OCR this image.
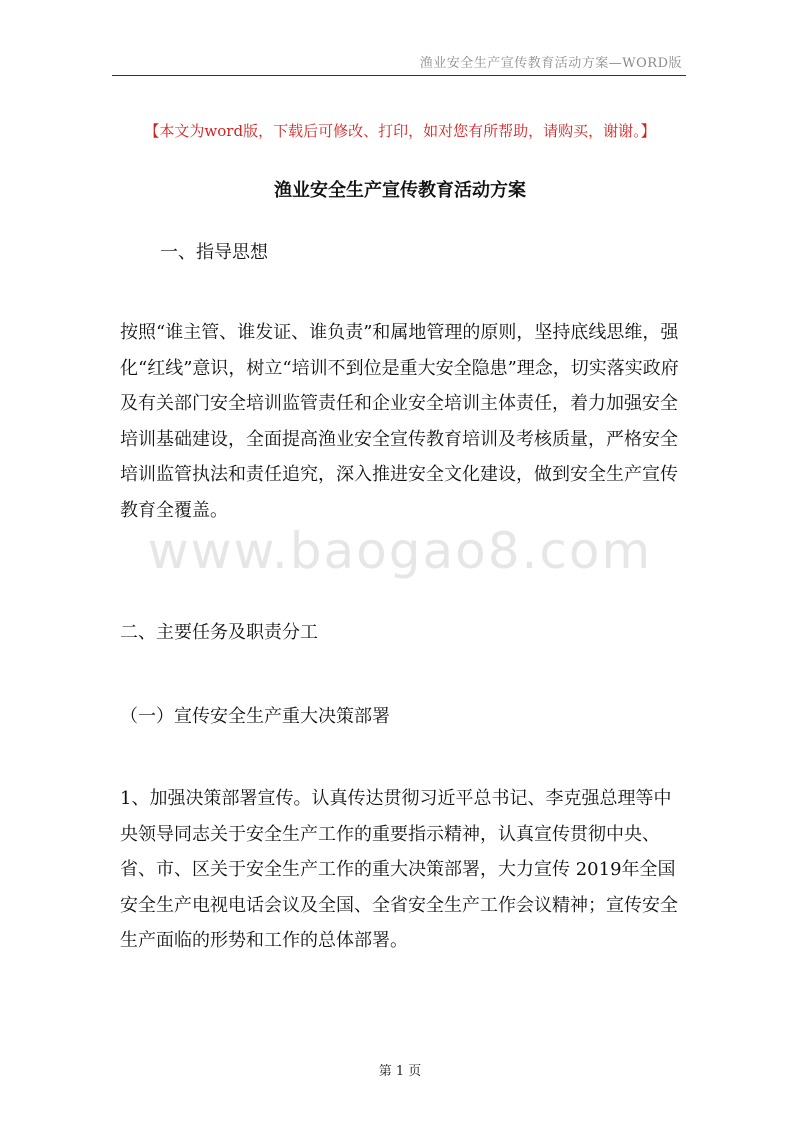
渔业安全生产宣传教育活动方案—WORD版
【本文为word版，下载后可修改、打印，如对您有所帮助，请购买，谢谢。】
渔业安全生产宣传教育活动方案

一、指导思想

按照“谁主管、谁发证、谁负责”和属地管理的原则，坚持底线思维，强化“红线”意识，树立“培训不到位是重大安全隐患”理念，切实落实政府及有关部门安全培训监管责任和企业安全培训主体责任，着力加强安全培训基础建设，全面提高渔业安全宣传教育培训及考核质量，严格安全培训监管执法和责任追究，深入推进安全文化建设，做到安全生产宣传教育全覆盖。

www.baogao8.com

二、主要任务及职责分工

（一）宣传安全生产重大决策部署

1、加强决策部署宣传。认真传达贯彻习近平总书记、李克强总理等中央领导同志关于安全生产工作的重要指示精神，认真宣传贯彻中央、省、市、区关于安全生产工作的重大决策部署，大力宣传 2019年全国安全生产电视电话会议及全国、全省安全生产工作会议精神；宣传安全生产面临的形势和工作的总体部署。

第 1 页
